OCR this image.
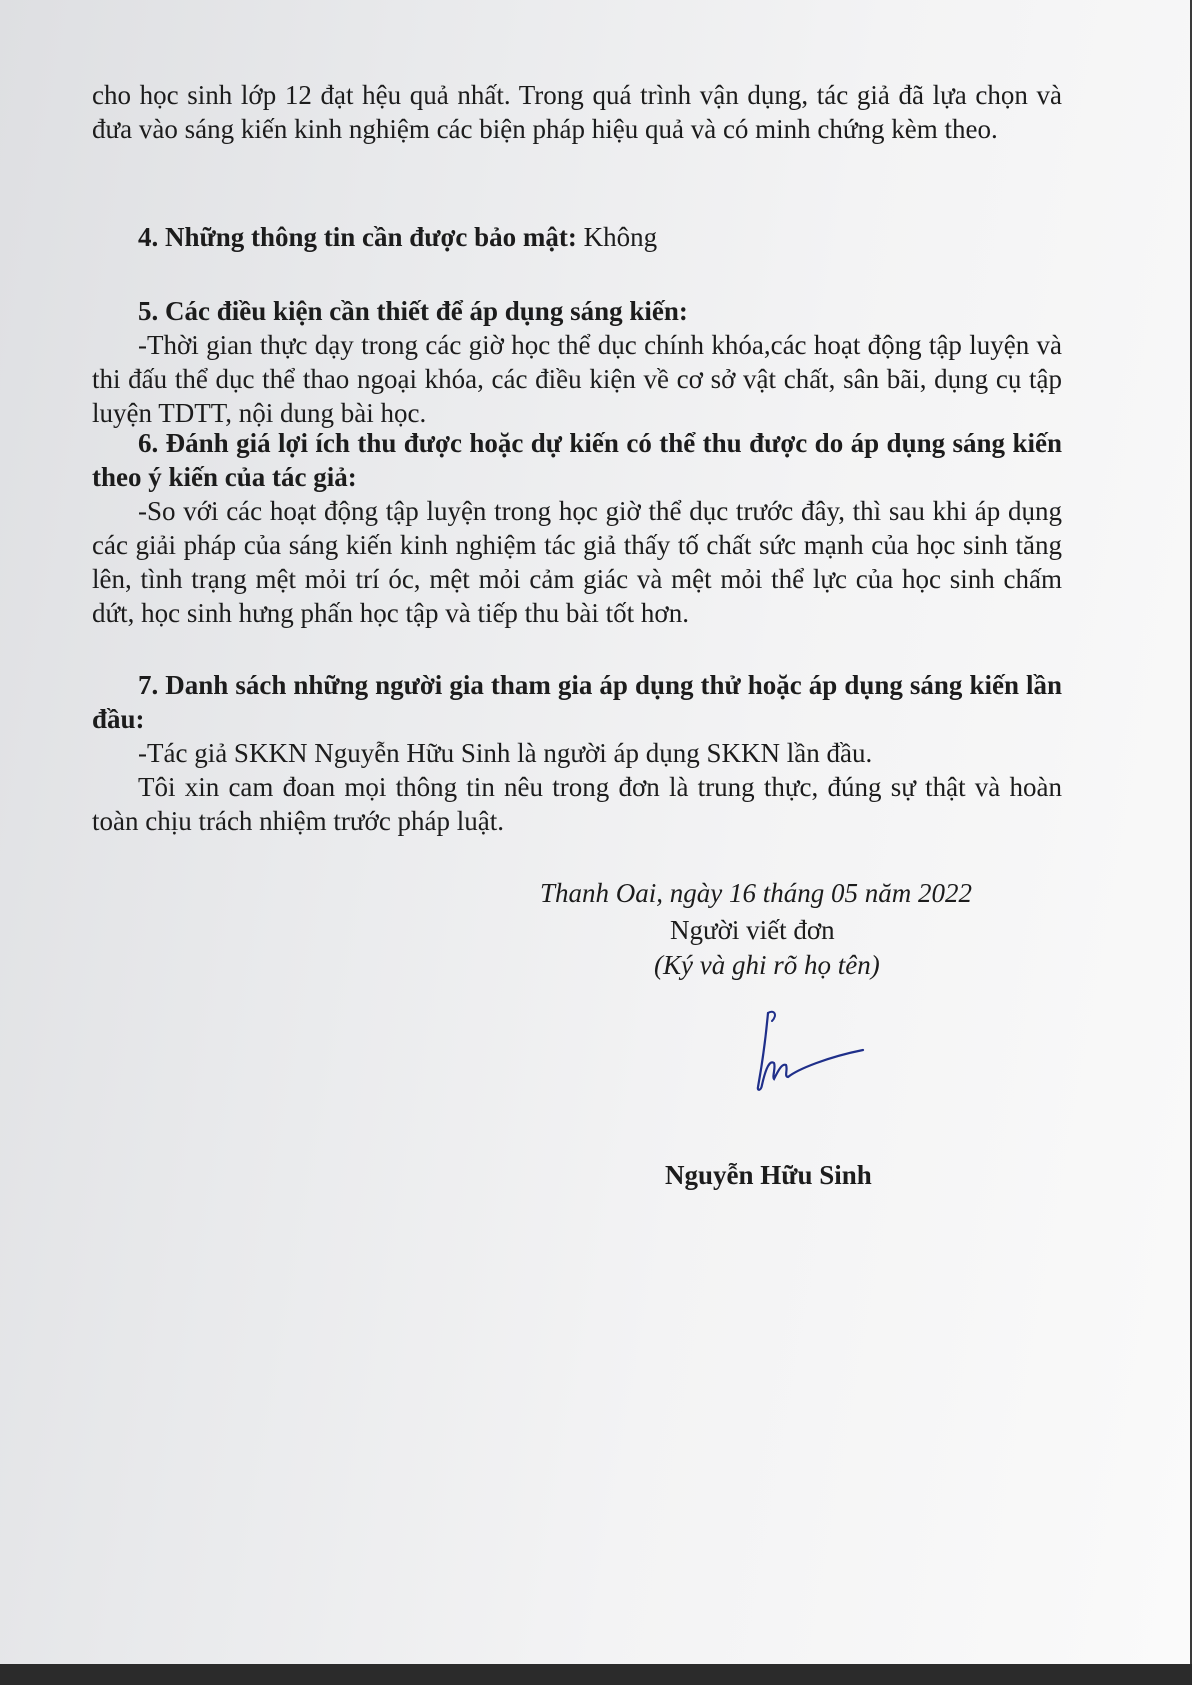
cho học sinh lớp 12 đạt hệu quả nhất. Trong quá trình vận dụng, tác giả đã lựa chọn và đưa vào sáng kiến kinh nghiệm các biện pháp hiệu quả và có minh chứng kèm theo.

4. Những thông tin cần được bảo mật: Không

5. Các điều kiện cần thiết để áp dụng sáng kiến:

-Thời gian thực dạy trong các giờ học thể dục chính khóa,các hoạt động tập luyện và thi đấu thể dục thể thao ngoại khóa, các điều kiện về cơ sở vật chất, sân bãi, dụng cụ tập luyện TDTT, nội dung bài học.

6. Đánh giá lợi ích thu được hoặc dự kiến có thể thu được do áp dụng sáng kiến theo ý kiến của tác giả:

-So với các hoạt động tập luyện trong học giờ thể dục trước đây, thì sau khi áp dụng các giải pháp của sáng kiến kinh nghiệm tác giả thấy tố chất sức mạnh của học sinh tăng lên, tình trạng mệt mỏi trí óc, mệt mỏi cảm giác và mệt mỏi thể lực của học sinh chấm dứt, học sinh hưng phấn học tập và tiếp thu bài tốt hơn.

7. Danh sách những người gia tham gia áp dụng thử hoặc áp dụng sáng kiến lần đầu:

-Tác giả SKKN Nguyễn Hữu Sinh là người áp dụng SKKN lần đầu.

Tôi xin cam đoan mọi thông tin nêu trong đơn là trung thực, đúng sự thật và hoàn toàn chịu trách nhiệm trước pháp luật.

Thanh Oai, ngày 16 tháng 05 năm 2022
Người viết đơn
(Ký và ghi rõ họ tên)
Nguyễn Hữu Sinh
